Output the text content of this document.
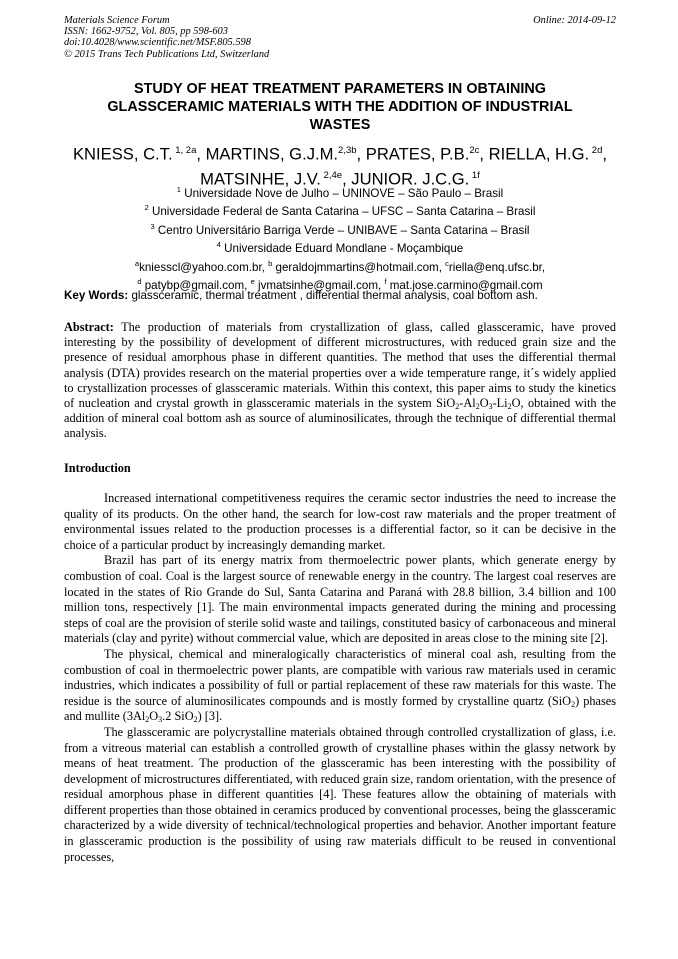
Materials Science Forum
ISSN: 1662-9752, Vol. 805, pp 598-603
doi:10.4028/www.scientific.net/MSF.805.598
© 2015 Trans Tech Publications Ltd, Switzerland
Online: 2014-09-12
STUDY OF HEAT TREATMENT PARAMETERS IN OBTAINING
GLASSCERAMIC MATERIALS WITH THE ADDITION OF INDUSTRIAL
WASTES
KNIESS, C.T. $^{1, 2a}$, MARTINS, G.J.M.$^{2,3b}$, PRATES, P.B.$^{2c}$, RIELLA, H.G. $^{2d}$,
MATSINHE, J.V. $^{2,4e}$, JUNIOR. J.C.G. $^{1f}$
$^1$ Universidade Nove de Julho – UNINOVE – São Paulo – Brasil
$^2$ Universidade Federal de Santa Catarina – UFSC – Santa Catarina – Brasil
$^3$ Centro Universitário Barriga Verde – UNIBAVE – Santa Catarina – Brasil
$^4$ Universidade Eduard Mondlane - Moçambique
$^a$kniesscl@yahoo.com.br, $^b$ geraldojmmartins@hotmail.com, $^c$riella@enq.ufsc.br,
$^d$ patybp@gmail.com, $^e$ jvmatsinhe@gmail.com, $^f$ mat.jose.carmino@gmail.com
Key Words: glassceramic, thermal treatment , differential thermal analysis, coal bottom ash.
Abstract: The production of materials from crystallization of glass, called glassceramic, have proved interesting by the possibility of development of different microstructures, with reduced grain size and the presence of residual amorphous phase in different quantities. The method that uses the differential thermal analysis (DTA) provides research on the material properties over a wide temperature range, it´s widely applied to crystallization processes of glassceramic materials. Within this context, this paper aims to study the kinetics of nucleation and crystal growth in glassceramic materials in the system $SiO_2-Al_2O_3-Li_2O$, obtained with the addition of mineral coal bottom ash as source of aluminosilicates, through the technique of differential thermal analysis.
Introduction

Increased international competitiveness requires the ceramic sector industries the need to increase the quality of its products. On the other hand, the search for low-cost raw materials and the proper treatment of environmental issues related to the production processes is a differential factor, so it can be decisive in the choice of a particular product by increasingly demanding market.

Brazil has part of its energy matrix from thermoelectric power plants, which generate energy by combustion of coal. Coal is the largest source of renewable energy in the country. The largest coal reserves are located in the states of Rio Grande do Sul, Santa Catarina and Paraná with 28.8 billion, 3.4 billion and 100 million tons, respectively [1]. The main environmental impacts generated during the mining and processing steps of coal are the provision of sterile solid waste and tailings, constituted basicy of carbonaceous and mineral materials (clay and pyrite) without commercial value, which are deposited in areas close to the mining site [2].

The physical, chemical and mineralogically characteristics of mineral coal ash, resulting from the combustion of coal in thermoelectric power plants, are compatible with various raw materials used in ceramic industries, which indicates a possibility of full or partial replacement of these raw materials for this waste. The residue is the source of aluminosilicates compounds and is mostly formed by crystalline quartz (SiO$_2$) phases and mullite ($3Al_2O_3.2$ SiO$_2$) [3].

The glassceramic are polycrystalline materials obtained through controlled crystallization of glass, i.e. from a vitreous material can establish a controlled growth of crystalline phases within the glassy network by means of heat treatment. The production of the glassceramic has been interesting with the possibility of development of microstructures differentiated, with reduced grain size, random orientation, with the presence of residual amorphous phase in different quantities [4]. These features allow the obtaining of materials with different properties than those obtained in ceramics produced by conventional processes, being the glassceramic characterized by a wide diversity of technical/technological properties and behavior. Another important feature in glassceramic production is the possibility of using raw materials difficult to be reused in conventional processes,
